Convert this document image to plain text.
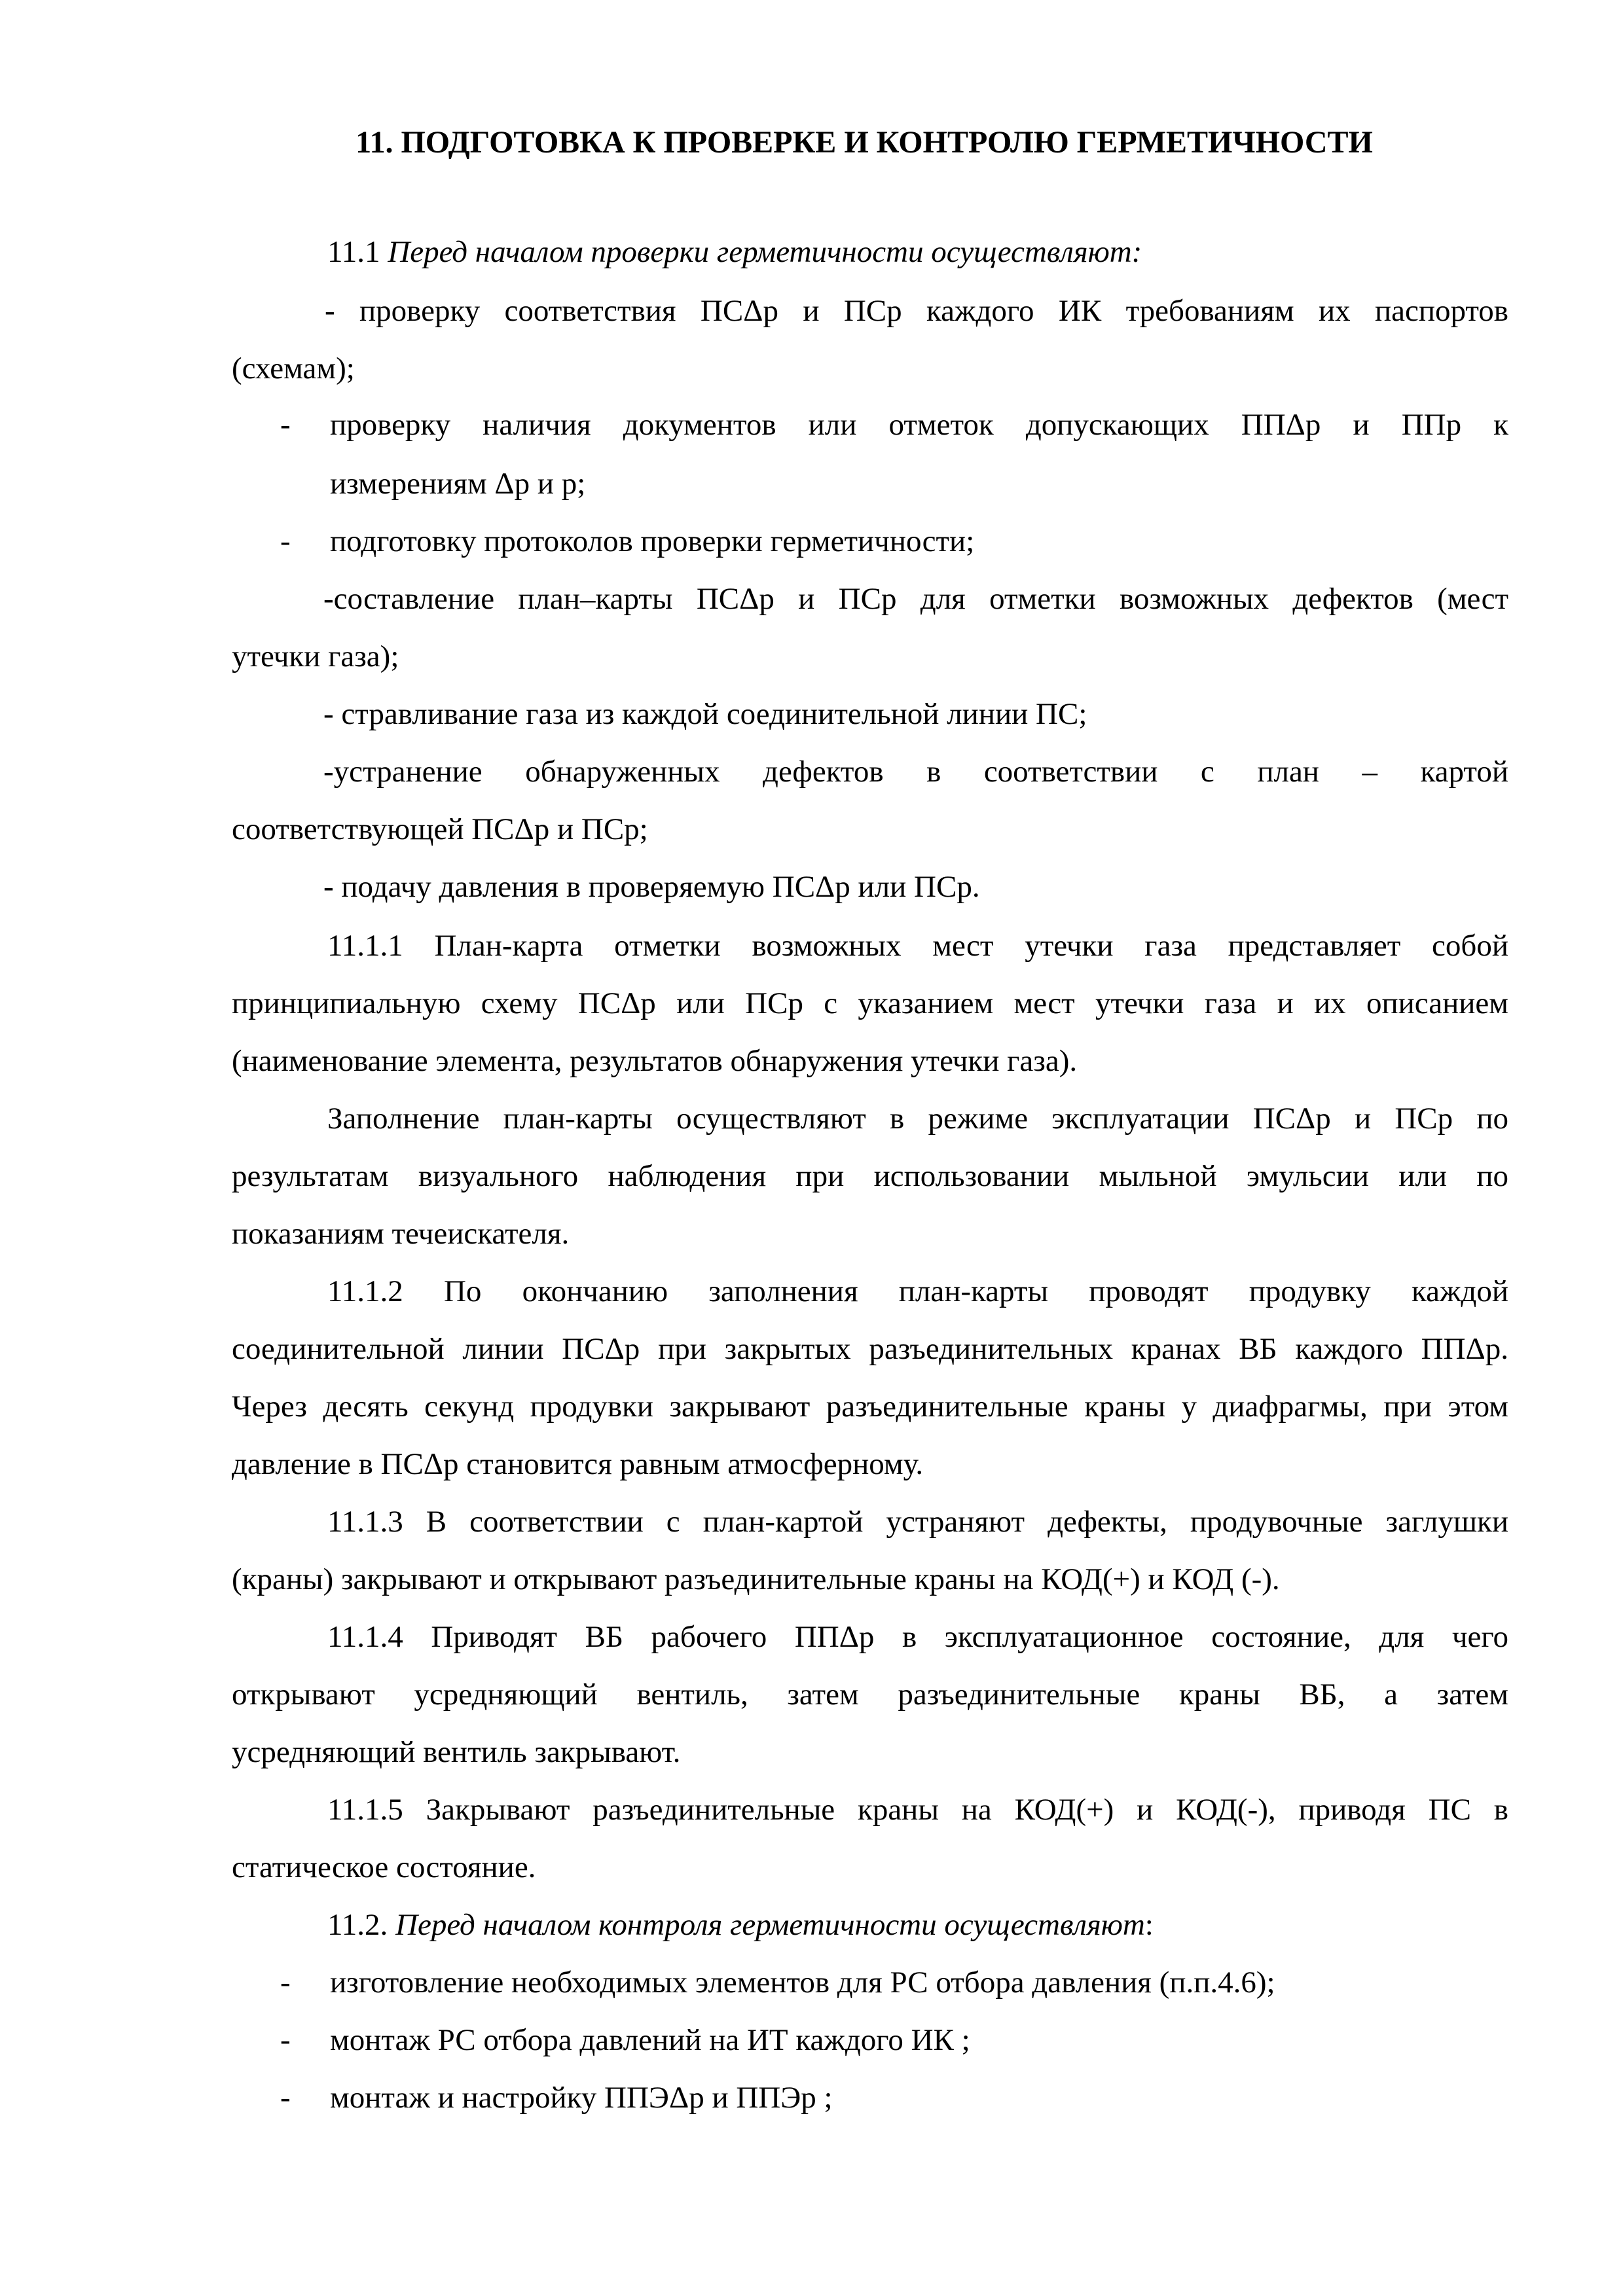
11. ПОДГОТОВКА К ПРОВЕРКЕ И КОНТРОЛЮ ГЕРМЕТИЧНОСТИ
11.1 Перед началом проверки герметичности осуществляют:
- проверку соответствия ПСΔр и ПСр каждого ИК требованиям их паспортов
(схемам);
- проверку наличия документов или отметок допускающих ППΔр и ППр к
измерениям Δр и р;
- подготовку протоколов проверки герметичности;
-составление план–карты ПСΔр и ПСр для отметки возможных дефектов (мест
утечки газа);
- стравливание газа из каждой соединительной линии ПС;
-устранение обнаруженных дефектов в соответствии с план – картой
соответствующей ПСΔр и ПСр;
- подачу давления в проверяемую ПСΔр или ПСр.
11.1.1 План-карта отметки возможных мест утечки газа представляет собой
принципиальную схему ПСΔр или ПСр с указанием мест утечки газа и их описанием
(наименование элемента, результатов обнаружения утечки газа).
Заполнение план-карты осуществляют в режиме эксплуатации ПСΔр и ПСр по
результатам визуального наблюдения при использовании мыльной эмульсии или по
показаниям течеискателя.
11.1.2 По окончанию заполнения план-карты проводят продувку каждой
соединительной линии ПСΔр при закрытых разъединительных кранах ВБ каждого ППΔр.
Через десять секунд продувки закрывают разъединительные краны у диафрагмы, при этом
давление в ПСΔр становится равным атмосферному.
11.1.3 В соответствии с план-картой устраняют дефекты, продувочные заглушки
(краны) закрывают и открывают разъединительные краны на КОД(+) и КОД (-).
11.1.4 Приводят ВБ рабочего ППΔр в эксплуатационное состояние, для чего
открывают усредняющий вентиль, затем разъединительные краны ВБ, а затем
усредняющий вентиль закрывают.
11.1.5 Закрывают разъединительные краны на КОД(+) и КОД(-), приводя ПС в
статическое состояние.
11.2. Перед началом контроля герметичности осуществляют:
- изготовление необходимых элементов для РС отбора давления (п.п.4.6);
- монтаж РС отбора давлений на ИТ каждого ИК ;
- монтаж и настройку ППЭΔр и ППЭр ;
